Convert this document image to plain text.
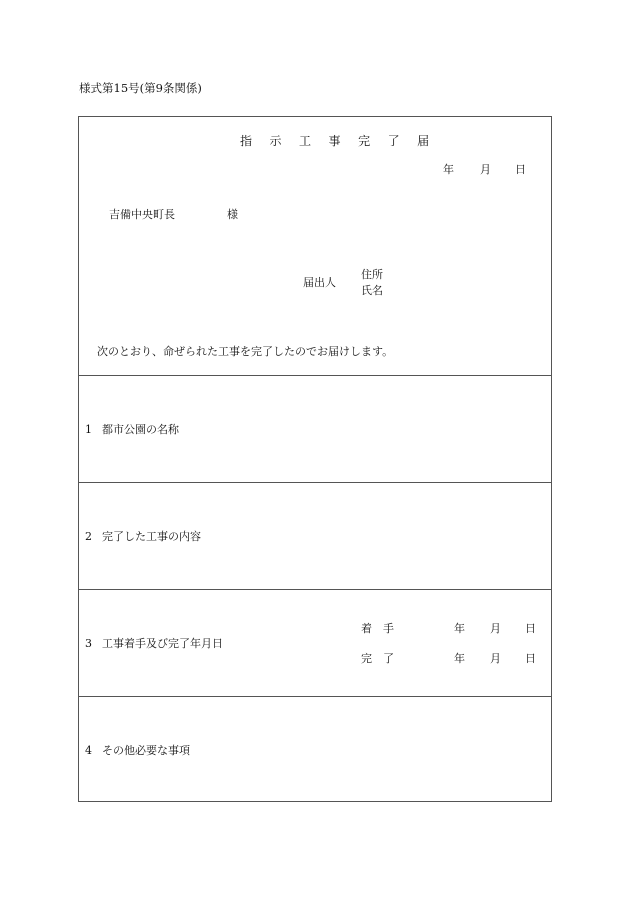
様式第15号(第9条関係)
指 示 工 事 完 了 届
年 月 日
吉備中央町長	様
届出人
住所
氏名
次のとおり、命ぜられた工事を完了したのでお届けします。
1 都市公園の名称
2 完了した工事の内容
3 工事着手及び完了年月日
着　手	年 月 日
完　了	年 月 日
4 その他必要な事項
